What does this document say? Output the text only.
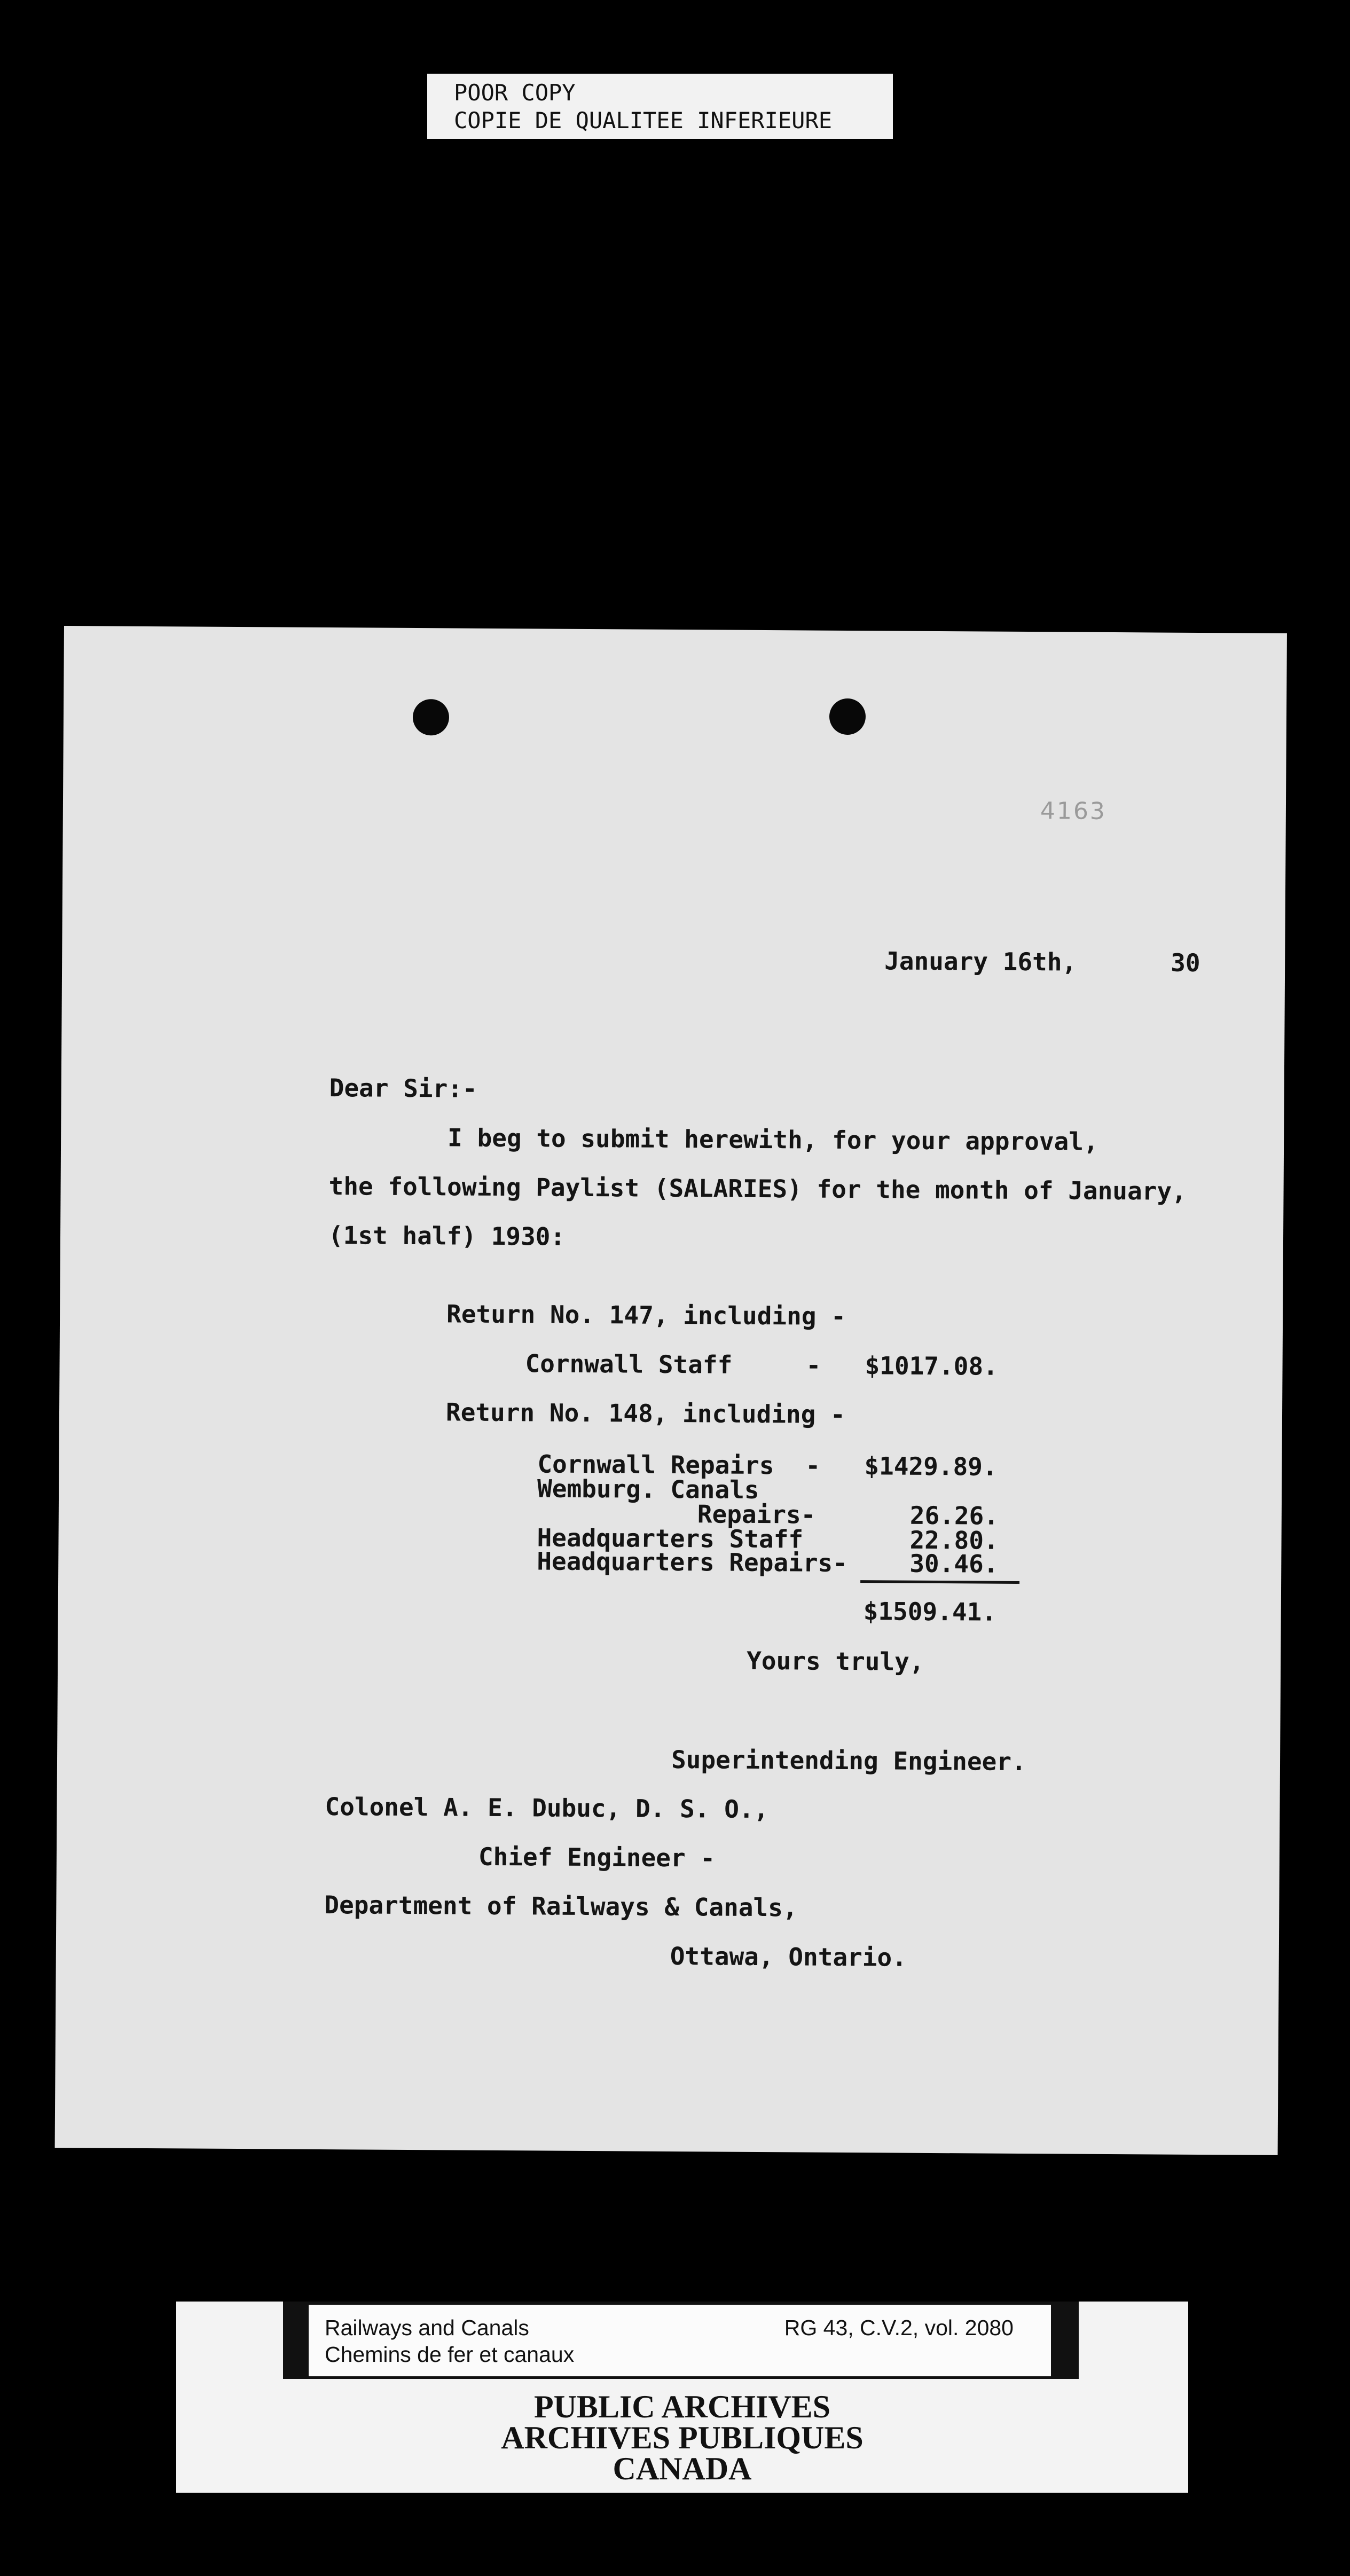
POOR COPY
COPIE DE QUALITEE INFERIEURE
4163
January 16th,	30
Dear Sir:-
I beg to submit herewith, for your approval,
the following Paylist (SALARIES) for the month of January,
(1st half) 1930:
Return No. 147, including -
Cornwall Staff	- $1017.08.
Return No. 148, including -
Cornwall Repairs - $1429.89.
Wemburg. Canals
Repairs-	26.26.
Headquarters Staff	22.80.
Headquarters Repairs-	30.46.
$1509.41.
Yours truly,
Superintending Engineer.
Colonel A. E. Dubuc, D. S. O.,
Chief Engineer -
Department of Railways & Canals,
Ottawa, Ontario.
Railways and Canals
Chemins de fer et canaux
RG 43, C.V.2, vol. 2080
PUBLIC ARCHIVES
ARCHIVES PUBLIQUES
CANADA
